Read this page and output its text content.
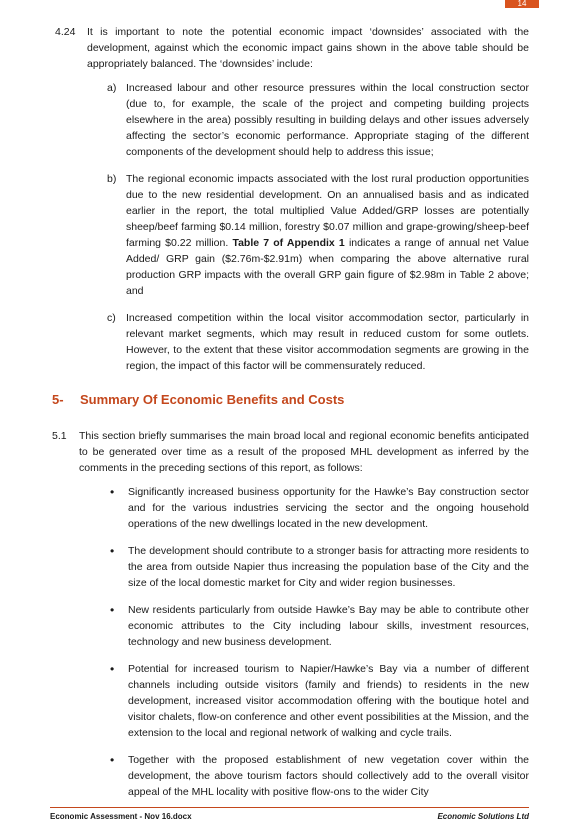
14
4.24 It is important to note the potential economic impact ‘downsides’ associated with the development, against which the economic impact gains shown in the above table should be appropriately balanced. The ‘downsides’ include:
a) Increased labour and other resource pressures within the local construction sector (due to, for example, the scale of the project and competing building projects elsewhere in the area) possibly resulting in building delays and other issues adversely affecting the sector’s economic performance. Appropriate staging of the different components of the development should help to address this issue;
b) The regional economic impacts associated with the lost rural production opportunities due to the new residential development. On an annualised basis and as indicated earlier in the report, the total multiplied Value Added/GRP losses are potentially sheep/beef farming $0.14 million, forestry $0.07 million and grape-growing/sheep-beef farming $0.22 million. Table 7 of Appendix 1 indicates a range of annual net Value Added/ GRP gain ($2.76m-$2.91m) when comparing the above alternative rural production GRP impacts with the overall GRP gain figure of $2.98m in Table 2 above; and
c) Increased competition within the local visitor accommodation sector, particularly in relevant market segments, which may result in reduced custom for some outlets. However, to the extent that these visitor accommodation segments are growing in the region, the impact of this factor will be commensurately reduced.
5- Summary Of Economic Benefits and Costs
5.1 This section briefly summarises the main broad local and regional economic benefits anticipated to be generated over time as a result of the proposed MHL development as inferred by the comments in the preceding sections of this report, as follows:
• Significantly increased business opportunity for the Hawke’s Bay construction sector and for the various industries servicing the sector and the ongoing household operations of the new dwellings located in the new development.
• The development should contribute to a stronger basis for attracting more residents to the area from outside Napier thus increasing the population base of the City and the size of the local domestic market for City and wider region businesses.
• New residents particularly from outside Hawke’s Bay may be able to contribute other economic attributes to the City including labour skills, investment resources, technology and new business development.
• Potential for increased tourism to Napier/Hawke’s Bay via a number of different channels including outside visitors (family and friends) to residents in the new development, increased visitor accommodation offering with the boutique hotel and visitor chalets, flow-on conference and other event possibilities at the Mission, and the extension to the local and regional network of walking and cycle trails.
• Together with the proposed establishment of new vegetation cover within the development, the above tourism factors should collectively add to the overall visitor appeal of the MHL locality with positive flow-ons to the wider City
Economic Assessment - Nov 16.docx	Economic Solutions Ltd
